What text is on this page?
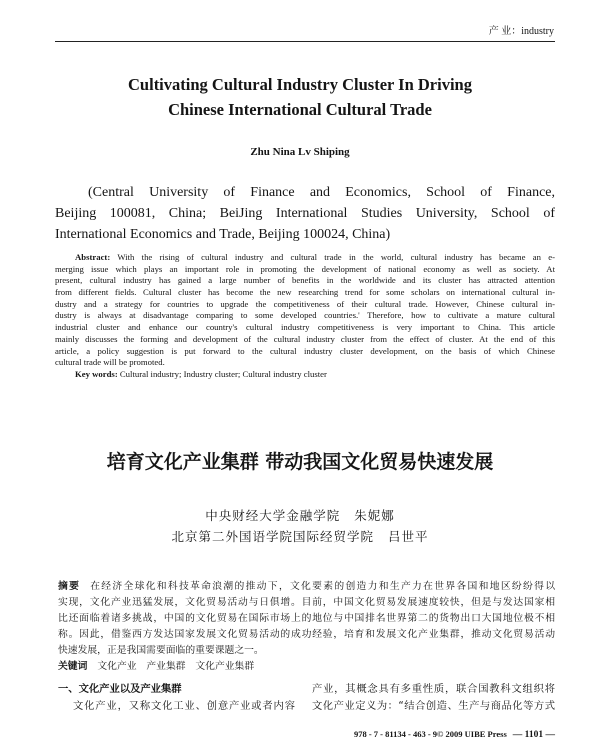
产 业：industry
Cultivating Cultural Industry Cluster In Driving
Chinese International Cultural Trade
Zhu Nina Lv Shiping
(Central University of Finance and Economics, School of Finance,
Beijing 100081, China; BeiJing International Studies University, School of
International Economics and Trade, Beijing 100024, China)
Abstract: With the rising of cultural industry and cultural trade in the world, cultural industry has became an e-
merging issue which plays an important role in promoting the development of national economy as well as society. At
present, cultural industry has gained a large number of benefits in the worldwide and its cluster has attracted attention
from different fields. Cultural cluster has become the new researching trend for some scholars on international cultural in-
dustry and a strategy for countries to upgrade the competitiveness of their cultural trade. However, Chinese cultural in-
dustry is always at disadvantage comparing to some developed countries.' Therefore, how to cultivate a mature cultural
industrial cluster and enhance our country's cultural industry competitiveness is very important to China. This article
mainly discusses the forming and development of the cultural industry cluster from the effect of cluster. At the end of this
article, a policy suggestion is put forward to the cultural industry cluster development, on the basis of which Chinese
cultural trade will be promoted.
Key words: Cultural industry; Industry cluster; Cultural industry cluster
培育文化产业集群 带动我国文化贸易快速发展
中央财经大学金融学院 朱妮娜
北京第二外国语学院国际经贸学院 吕世平
摘要 在经济全球化和科技革命浪潮的推动下，文化要素的创造力和生产力在世界各国和地区纷纷得以
实现，文化产业迅猛发展，文化贸易活动与日俱增。目前，中国文化贸易发展速度较快，但是与发达国家相
比还面临着诸多挑战，中国的文化贸易在国际市场上的地位与中国排名世界第二的货物出口大国地位极不相
称。因此，借鉴西方发达国家发展文化贸易活动的成功经验，培育和发展文化产业集群，推动文化贸易活动
快速发展，正是我国需要面临的重要课题之一。
关键词 文化产业　产业集群　文化产业集群
一、文化产业以及产业集群
文化产业，又称文化工业、创意产业或者内容
产业，其概念具有多重性质，联合国教科文组织将
文化产业定义为：“结合创造、生产与商品化等方式
978 - 7 - 81134 - 463 - 9© 2009 UIBE Press — 1101 —
